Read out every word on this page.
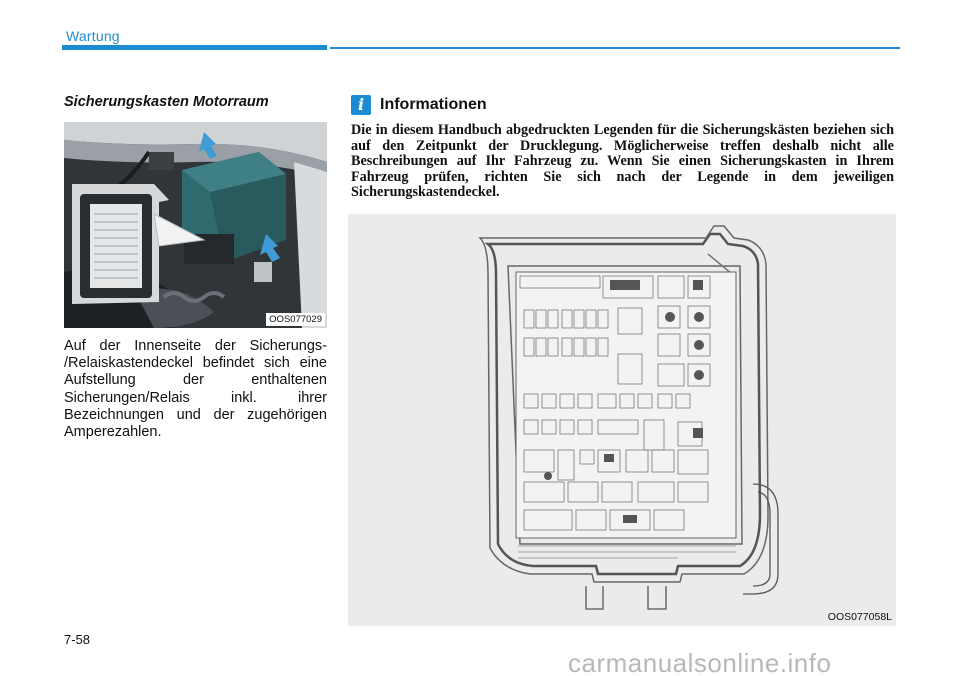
Wartung
Sicherungskasten Motorraum
OOS077029
Auf der Innenseite der Sicherungs- /Relaiskastendeckel befindet sich eine Aufstellung der enthaltenen Sicherungen/Relais inkl. ihrer Bezeichnungen und der zugehörigen Amperezahlen.
i Informationen
Die in diesem Handbuch abgedruckten Legenden für die Sicherungskästen beziehen sich auf den Zeitpunkt der Drucklegung. Möglicherweise treffen deshalb nicht alle Beschreibungen auf Ihr Fahrzeug zu. Wenn Sie einen Sicherungskasten in Ihrem Fahrzeug prüfen, richten Sie sich nach der Legende in dem jeweiligen Sicherungskastendeckel.
OOS077058L
7-58
carmanualsonline.info
